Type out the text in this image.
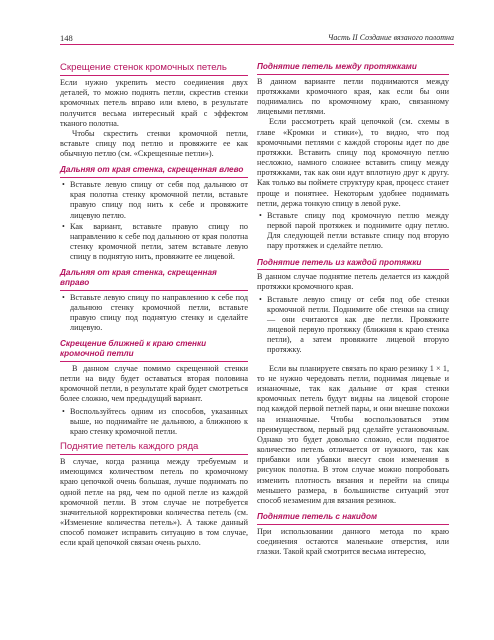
148	Часть II Создание вязаного полотна
Скрещение стенок кромочных петель

Если нужно укрепить место соединения двух деталей, то можно поднять петли, скрестив стенки кромочных петель вправо или влево, в результате получится весьма интересный край с эффектом тканого полотна.

Чтобы скрестить стенки кромочной петли, вставьте спицу под петлю и провяжите ее как обычную петлю (см. «Скрещенные петли»).

Дальняя от края стенка, скрещенная влево
• Вставьте левую спицу от себя под дальнюю от края полотна стенку кромочной петли, вставьте правую спицу под нить к себе и провяжите лицевую петлю.
• Как вариант, вставьте правую спицу по направлению к себе под дальнюю от края полотна стенку кромочной петли, затем вставьте левую спицу в поднятую нить, провяжите ее лицевой.
Дальняя от края стенка, скрещенная вправо
• Вставьте левую спицу по направлению к себе под дальнюю стенку кромочной петли, вставьте правую спицу под поднятую стенку и сделайте лицевую.
Скрещение ближней к краю стенки кромочной петли

В данном случае помимо скрещенной стенки петли на виду будет оставаться вторая половина кромочной петли, в результате край будет смотреться более сложно, чем предыдущий вариант.

• Воспользуйтесь одним из способов, указанных выше, но поднимайте не дальнюю, а ближнюю к краю стенку кромочной петли.
Поднятие петель каждого ряда

В случае, когда разница между требуемым и имеющимся количеством петель по кромочному краю цепочкой очень большая, лучше поднимать по одной петле на ряд, чем по одной петле из каждой кромочной петли. В этом случае не потребуется значительной корректировки количества петель (см. «Изменение количества петель»). А также данный способ поможет исправить ситуацию в том случае, если край цепочкой связан очень рыхло.

Поднятие петель между протяжками

В данном варианте петли поднимаются между протяжками кромочного края, как если бы они поднимались по кромочному краю, связанному лицевыми петлями.

Если рассмотреть край цепочкой (см. схемы в главе «Кромки и стики»), то видно, что под кромочными петлями с каждой стороны идет по две протяжки. Вставить спицу под кромочную петлю несложно, намного сложнее вставить спицу между протяжками, так как они идут вплотную друг к другу. Как только вы поймете структуру края, процесс станет проще и понятнее. Некоторым удобнее поднимать петли, держа тонкую спицу в левой руке.

• Вставьте спицу под кромочную петлю между первой парой протяжек и поднимите одну петлю. Для следующей петли вставьте спицу под вторую пару протяжек и сделайте петлю.
Поднятие петель из каждой протяжки

В данном случае поднятие петель делается из каждой протяжки кромочного края.

• Вставьте левую спицу от себя под обе стенки кромочной петли. Поднимите обе стенки на спицу — они считаются как две петли. Провяжите лицевой первую протяжку (ближняя к краю стенка петли), а затем провяжите лицевой вторую протяжку.

Если вы планируете связать по краю резинку 1 × 1, то не нужно чередовать петли, поднимая лицевые и изнаночные, так как дальние от края стенки кромочных петель будут видны на лицевой стороне под каждой первой петлей пары, и они внешне похожи на изнаночные. Чтобы воспользоваться этим преимуществом, первый ряд сделайте установочным. Однако это будет довольно сложно, если поднятое количество петель отличается от нужного, так как прибавки или убавки внесут свои изменения в рисунок полотна. В этом случае можно попробовать изменить плотность вязания и перейти на спицы меньшего размера, в большинстве ситуаций этот способ незаменим для вязания резинок.

Поднятие петель с накидом

При использовании данного метода по краю соединения остаются маленькие отверстия, или глазки. Такой край смотрится весьма интересно,
